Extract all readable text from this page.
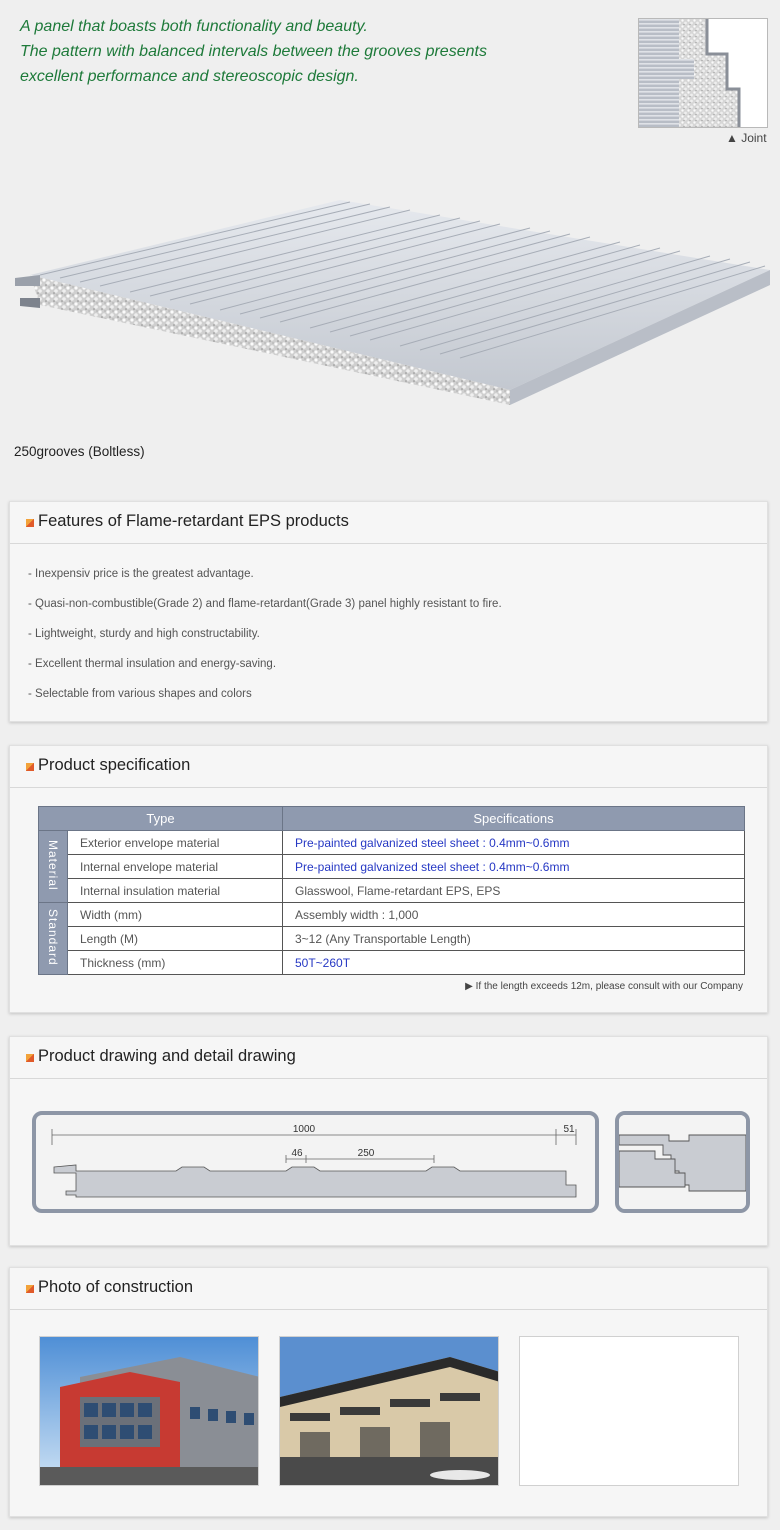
A panel that boasts both functionality and beauty.
The pattern with balanced intervals between the grooves presents
excellent performance and stereoscopic design.
▲ Joint
250grooves (Boltless)
Features of Flame-retardant EPS products
- Inexpensiv price is the greatest advantage.
- Quasi-non-combustible(Grade 2) and flame-retardant(Grade 3) panel highly resistant to fire.
- Lightweight, sturdy and high constructability.
- Excellent thermal insulation and energy-saving.
- Selectable from various shapes and colors
Product specification
Type		Specifications
Material	Exterior envelope material	Pre-painted galvanized steel sheet : 0.4mm~0.6mm
	Internal envelope material	Pre-painted galvanized steel sheet : 0.4mm~0.6mm
	Internal insulation material	Glasswool, Flame-retardant EPS, EPS
Standard	Width (mm)	Assembly width : 1,000
	Length (M)	3~12 (Any Transportable Length)
	Thickness (mm)	50T~260T
▶ If the length exceeds 12m, please consult with our Company
Product drawing and detail drawing
1000	51
46	250
Photo of construction
